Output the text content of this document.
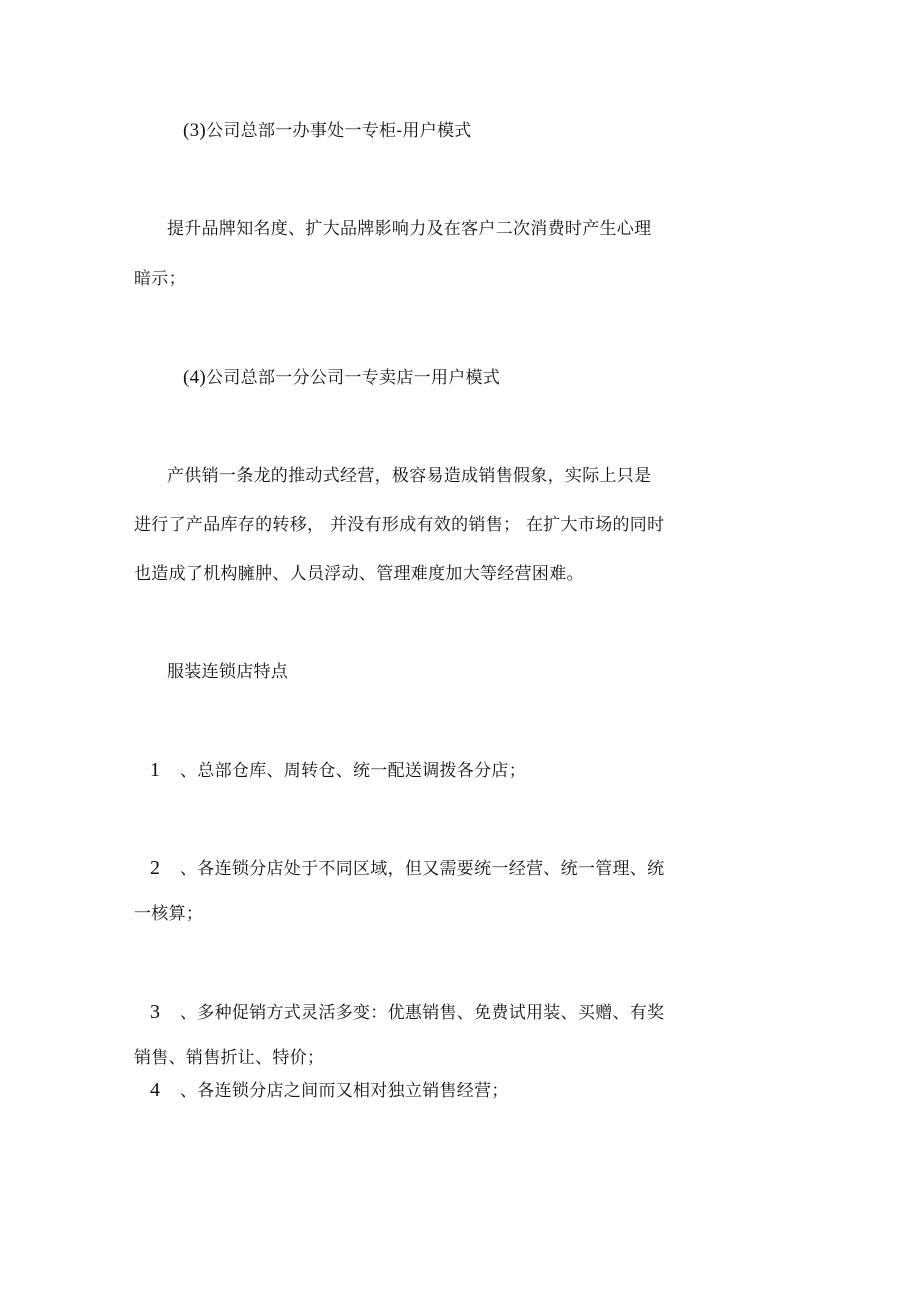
(3)公司总部一办事处一专柜-用户模式
提升品牌知名度、扩大品牌影响力及在客户二次消费时产生心理
暗示；
(4)公司总部一分公司一专卖店一用户模式
产供销一条龙的推动式经营，极容易造成销售假象，实际上只是
进行了产品库存的转移， 并没有形成有效的销售； 在扩大市场的同时
也造成了机构臃肿、人员浮动、管理难度加大等经营困难。
服装连锁店特点
1 、总部仓库、周转仓、统一配送调拨各分店；
2 、各连锁分店处于不同区域，但又需要统一经营、统一管理、统
一核算；
3 、多种促销方式灵活多变：优惠销售、免费试用装、买赠、有奖
销售、销售折让、特价；
4 、各连锁分店之间而又相对独立销售经营；
